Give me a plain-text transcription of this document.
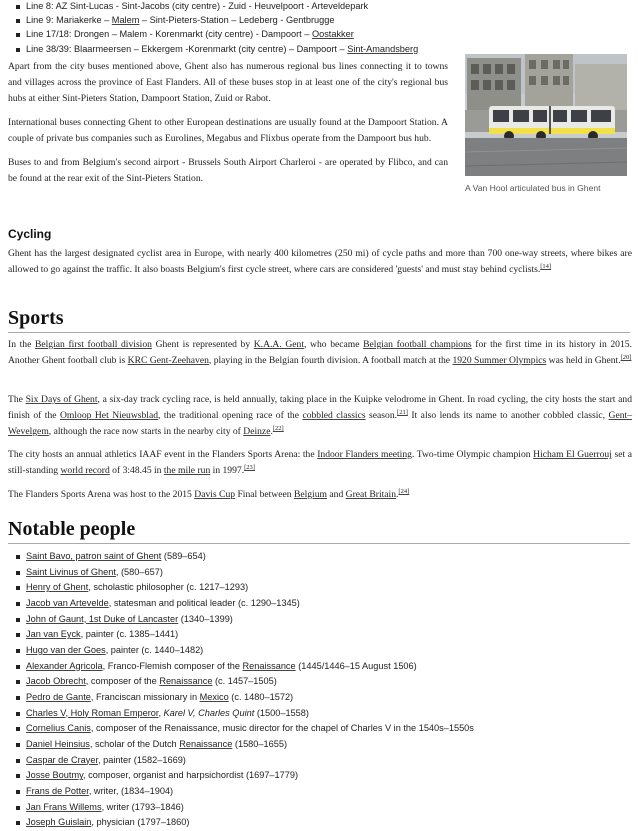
Line 8: AZ Sint-Lucas - Sint-Jacobs (city centre) - Zuid - Heuvelpoort - Arteveldepark
Line 9: Mariakerke – Malem – Sint-Pieters-Station – Ledeberg - Gentbrugge
Line 17/18: Drongen – Malem - Korenmarkt (city centre) - Dampoort – Oostakker
Line 38/39: Blaarmeersen – Ekkergem -Korenmarkt (city centre) – Dampoort – Sint-Amandsberg

Apart from the city buses mentioned above, Ghent also has numerous regional bus lines connecting it to towns and villages across the province of East Flanders. All of these buses stop in at least one of the city's regional bus hubs at either Sint-Pieters Station, Dampoort Station, Zuid or Rabot.

International buses connecting Ghent to other European destinations are usually found at the Dampoort Station. A couple of private bus companies such as Eurolines, Megabus and Flixbus operate from the Dampoort bus hub.

Buses to and from Belgium's second airport - Brussels South Airport Charleroi - are operated by Flibco, and can be found at the rear exit of the Sint-Pieters Station.

A Van Hool articulated bus in Ghent
Cycling

Ghent has the largest designated cyclist area in Europe, with nearly 400 kilometres (250 mi) of cycle paths and more than 700 one-way streets, where bikes are allowed to go against the traffic. It also boasts Belgium's first cycle street, where cars are considered 'guests' and must stay behind cyclists.[14]

Sports

In the Belgian first football division Ghent is represented by K.A.A. Gent, who became Belgian football champions for the first time in its history in 2015. Another Ghent football club is KRC Gent-Zeehaven, playing in the Belgian fourth division. A football match at the 1920 Summer Olympics was held in Ghent.[20]

The Six Days of Ghent, a six-day track cycling race, is held annually, taking place in the Kuipke velodrome in Ghent. In road cycling, the city hosts the start and finish of the Omloop Het Nieuwsblad, the traditional opening race of the cobbled classics season.[21] It also lends its name to another cobbled classic, Gent–Wevelgem, although the race now starts in the nearby city of Deinze.[22]

The city hosts an annual athletics IAAF event in the Flanders Sports Arena: the Indoor Flanders meeting. Two-time Olympic champion Hicham El Guerrouj set a still-standing world record of 3:48.45 in the mile run in 1997.[23]

The Flanders Sports Arena was host to the 2015 Davis Cup Final between Belgium and Great Britain.[24]

Notable people
Saint Bavo, patron saint of Ghent (589–654)
Saint Livinus of Ghent, (580–657)
Henry of Ghent, scholastic philosopher (c. 1217–1293)
Jacob van Artevelde, statesman and political leader (c. 1290–1345)
John of Gaunt, 1st Duke of Lancaster (1340–1399)
Jan van Eyck, painter (c. 1385–1441)
Hugo van der Goes, painter (c. 1440–1482)
Alexander Agricola, Franco-Flemish composer of the Renaissance (1445/1446–15 August 1506)
Jacob Obrecht, composer of the Renaissance (c. 1457–1505)
Pedro de Gante, Franciscan missionary in Mexico (c. 1480–1572)
Charles V, Holy Roman Emperor, Karel V, Charles Quint (1500–1558)
Cornelius Canis, composer of the Renaissance, music director for the chapel of Charles V in the 1540s–1550s
Daniel Heinsius, scholar of the Dutch Renaissance (1580–1655)
Caspar de Crayer, painter (1582–1669)
Josse Boutmy, composer, organist and harpsichordist (1697–1779)
Frans de Potter, writer, (1834–1904)
Jan Frans Willems, writer (1793–1846)
Joseph Guislain, physician (1797–1860)
